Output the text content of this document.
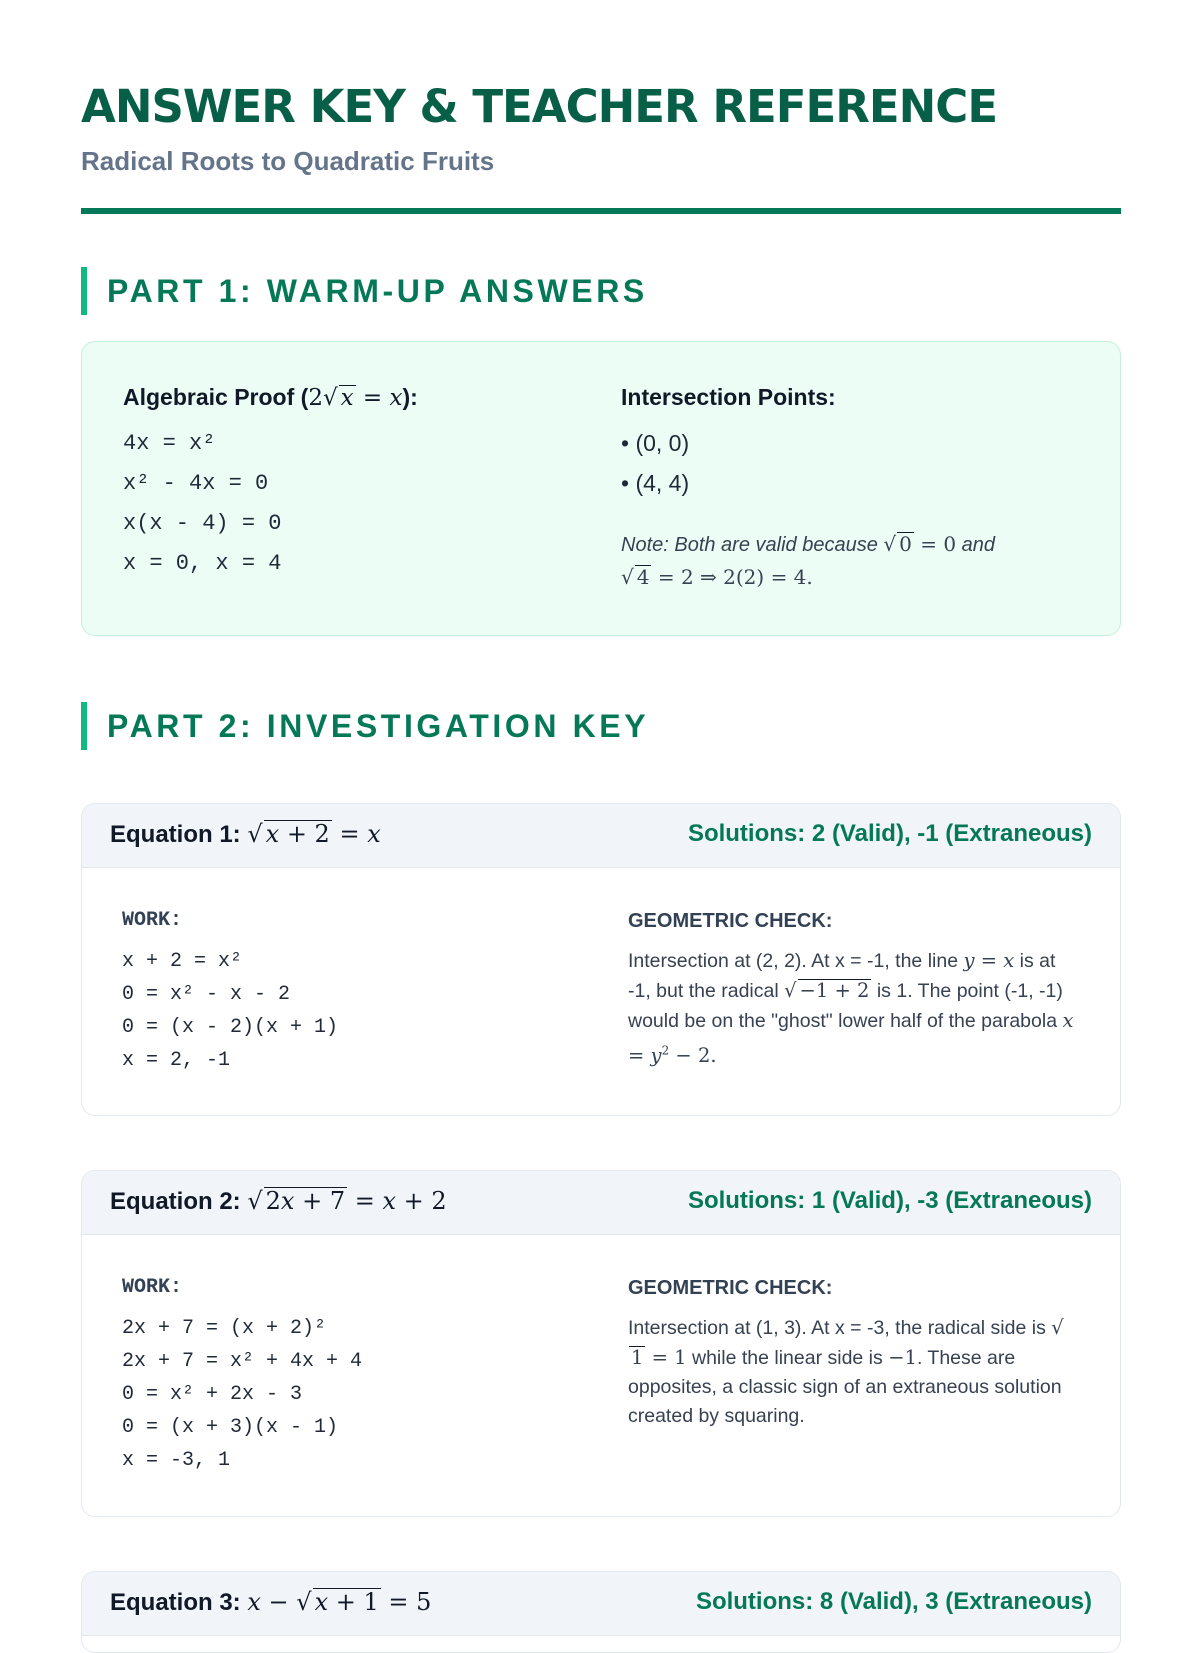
ANSWER KEY & TEACHER REFERENCE
Radical Roots to Quadratic Fruits
PART 1: WARM-UP ANSWERS
Algebraic Proof (2√ x = x):
4x = x²
x² - 4x = 0
x(x - 4) = 0
x = 0, x = 4
Intersection Points:
• (0, 0)
• (4, 4)
Note: Both are valid because √ 0 = 0 and
√ 4 = 2 ⇒ 2(2) = 4.
PART 2: INVESTIGATION KEY
Equation 1: √ x + 2 = x	Solutions: 2 (Valid), -1 (Extraneous)
WORK:
x + 2 = x²
0 = x² - x - 2
0 = (x - 2)(x + 1)
x = 2, -1
GEOMETRIC CHECK:
Intersection at (2, 2). At x = -1, the line y = x is at -1, but the radical √ −1 + 2 is 1. The point (-1, -1) would be on the "ghost" lower half of the parabola $x = y^2 - 2$.
Equation 2: √ 2x + 7 = x + 2	Solutions: 1 (Valid), -3 (Extraneous)
WORK:
2x + 7 = (x + 2)²
2x + 7 = x² + 4x + 4
0 = x² + 2x - 3
0 = (x + 3)(x - 1)
x = -3, 1
GEOMETRIC CHECK:
Intersection at (1, 3). At x = -3, the radical side is √1 = 1 while the linear side is −1. These are opposites, a classic sign of an extraneous solution created by squaring.
Equation 3: x − √ x + 1 = 5	Solutions: 8 (Valid), 3 (Extraneous)
